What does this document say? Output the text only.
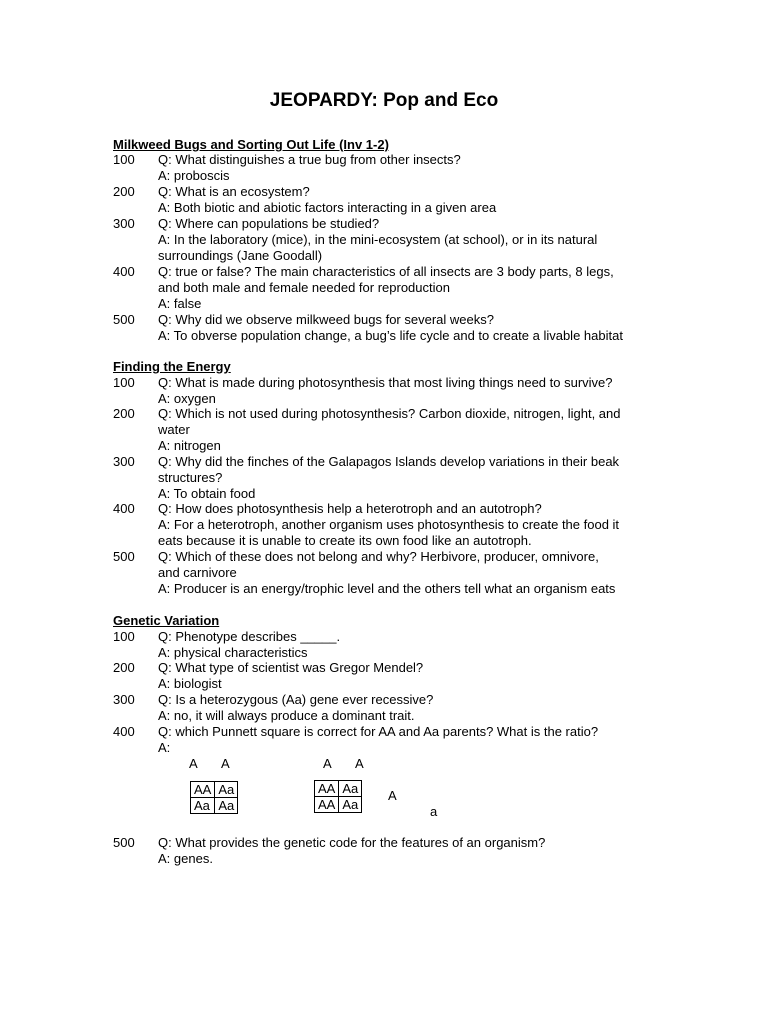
JEOPARDY: Pop and Eco
Milkweed Bugs and Sorting Out Life (Inv 1-2)
100 Q: What distinguishes a true bug from other insects?
A: proboscis
200 Q: What is an ecosystem?
A: Both biotic and abiotic factors interacting in a given area
300 Q: Where can populations be studied?
A: In the laboratory (mice), in the mini-ecosystem (at school), or in its natural
surroundings (Jane Goodall)
400 Q: true or false? The main characteristics of all insects are 3 body parts, 8 legs,
and both male and female needed for reproduction
A: false
500 Q: Why did we observe milkweed bugs for several weeks?
A: To obverse population change, a bug’s life cycle and to create a livable habitat
Finding the Energy
100 Q: What is made during photosynthesis that most living things need to survive?
A: oxygen
200 Q: Which is not used during photosynthesis? Carbon dioxide, nitrogen, light, and
water
A: nitrogen
300 Q: Why did the finches of the Galapagos Islands develop variations in their beak
structures?
A: To obtain food
400 Q: How does photosynthesis help a heterotroph and an autotroph?
A: For a heterotroph, another organism uses photosynthesis to create the food it
eats because it is unable to create its own food like an autotroph.
500 Q: Which of these does not belong and why? Herbivore, producer, omnivore,
and carnivore
A: Producer is an energy/trophic level and the others tell what an organism eats
Genetic Variation
100 Q: Phenotype describes _____.
A: physical characteristics
200 Q: What type of scientist was Gregor Mendel?
A: biologist
300 Q: Is a heterozygous (Aa) gene ever recessive?
A: no, it will always produce a dominant trait.
400 Q: which Punnett square is correct for AA and Aa parents? What is the ratio?
A:
A A
AA	Aa
Aa	Aa
A A
AA	Aa
AA	Aa
A
a
500 Q: What provides the genetic code for the features of an organism?
A: genes.
